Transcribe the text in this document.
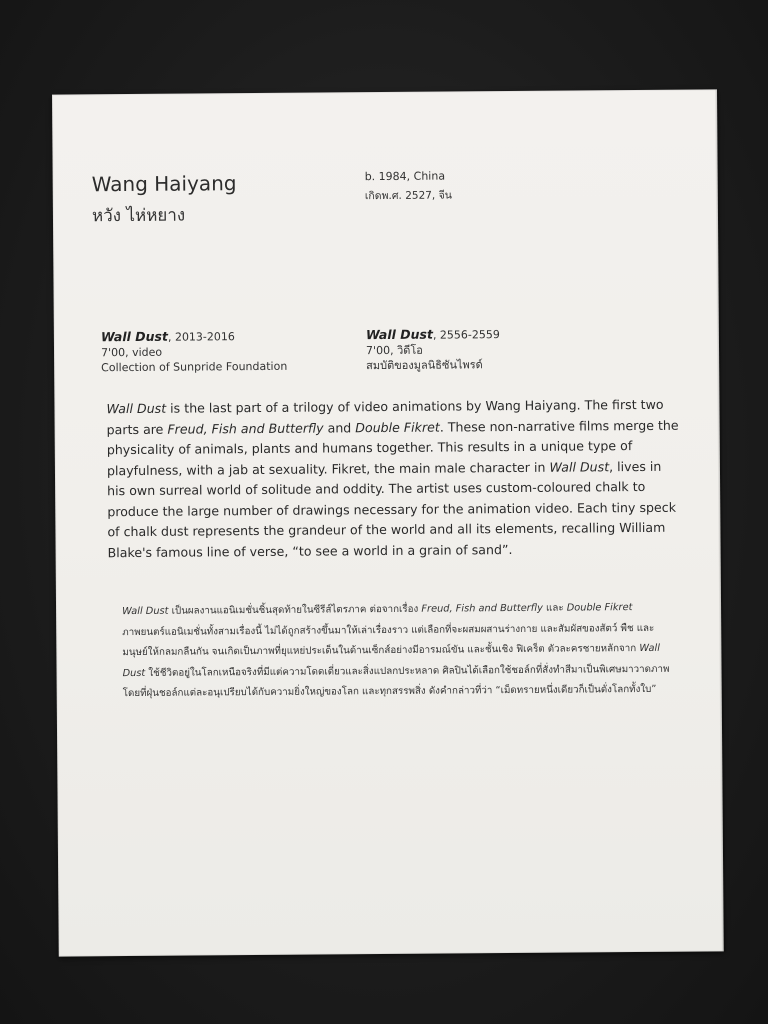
Wang Haiyang
หวัง ไห่หยาง
b. 1984, China
เกิดพ.ศ. 2527, จีน
Wall Dust, 2013-2016
7'00, video
Collection of Sunpride Foundation
Wall Dust, 2556-2559
7'00, วิดีโอ
สมบัติของมูลนิธิซันไพรด์

Wall Dust is the last part of a trilogy of video animations by Wang Haiyang. The first two parts are Freud, Fish and Butterfly and Double Fikret. These non-narrative films merge the physicality of animals, plants and humans together. This results in a unique type of playfulness, with a jab at sexuality. Fikret, the main male character in Wall Dust, lives in his own surreal world of solitude and oddity. The artist uses custom-coloured chalk to produce the large number of drawings necessary for the animation video. Each tiny speck of chalk dust represents the grandeur of the world and all its elements, recalling William Blake's famous line of verse, “to see a world in a grain of sand”.

Wall Dust เป็นผลงานแอนิเมชั่นชิ้นสุดท้ายในซีรีส์ไตรภาค ต่อจากเรื่อง Freud, Fish and Butterfly และ Double Fikret ภาพยนตร์แอนิเมชั่นทั้งสามเรื่องนี้ ไม่ได้ถูกสร้างขึ้นมาให้เล่าเรื่องราว แต่เลือกที่จะผสมผสานร่างกาย และสัมผัสของสัตว์ พืช และมนุษย์ให้กลมกลืนกัน จนเกิดเป็นภาพที่ยุแหย่ประเด็นในด้านเซ็กส์อย่างมีอารมณ์ขัน และชั้นเชิง ฟิเคร็ต ตัวละครชายหลักจาก Wall Dust ใช้ชีวิตอยู่ในโลกเหนือจริงที่มีแต่ความโดดเดี่ยวและสิ่งแปลกประหลาด ศิลปินได้เลือกใช้ชอล์กที่สั่งทำสีมาเป็นพิเศษมาวาดภาพ โดยที่ฝุ่นชอล์กแต่ละอนุเปรียบได้กับความยิ่งใหญ่ของโลก และทุกสรรพสิ่ง ดังคำกล่าวที่ว่า “เม็ดทรายหนึ่งเดียวก็เป็นดั่งโลกทั้งใบ”
